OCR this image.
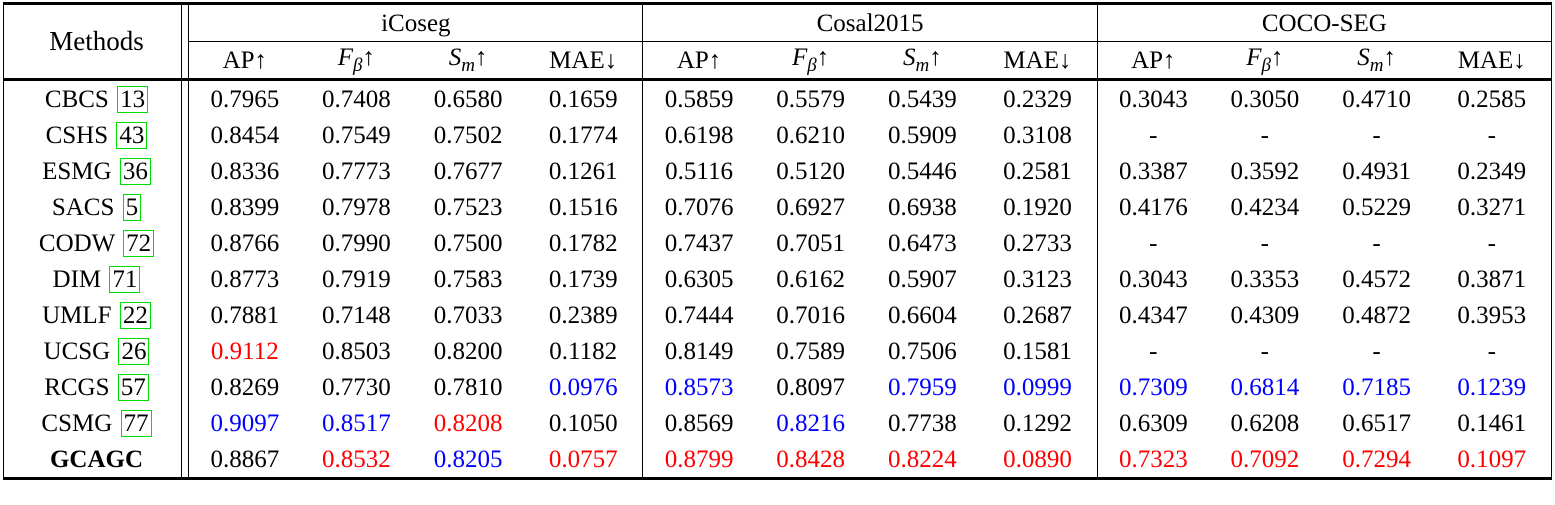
Methods		iCoseg				Cosal2015				COCO-SEG			
		AP↑	$F_\beta↑$	$S_m↑$	MAE↓	AP↑	$F_\beta↑$	$S_m↑$	MAE↓	AP↑	$F_\beta↑$	$S_m↑$	MAE↓
CBCS 13		0.7965	0.7408	0.6580	0.1659	0.5859	0.5579	0.5439	0.2329	0.3043	0.3050	0.4710	0.2585
CSHS 43		0.8454	0.7549	0.7502	0.1774	0.6198	0.6210	0.5909	0.3108	-	-	-	-
ESMG 36		0.8336	0.7773	0.7677	0.1261	0.5116	0.5120	0.5446	0.2581	0.3387	0.3592	0.4931	0.2349
SACS 5		0.8399	0.7978	0.7523	0.1516	0.7076	0.6927	0.6938	0.1920	0.4176	0.4234	0.5229	0.3271
CODW 72		0.8766	0.7990	0.7500	0.1782	0.7437	0.7051	0.6473	0.2733	-	-	-	-
DIM 71		0.8773	0.7919	0.7583	0.1739	0.6305	0.6162	0.5907	0.3123	0.3043	0.3353	0.4572	0.3871
UMLF 22		0.7881	0.7148	0.7033	0.2389	0.7444	0.7016	0.6604	0.2687	0.4347	0.4309	0.4872	0.3953
UCSG 26		0.9112	0.8503	0.8200	0.1182	0.8149	0.7589	0.7506	0.1581	-	-	-	-
RCGS 57		0.8269	0.7730	0.7810	0.0976	0.8573	0.8097	0.7959	0.0999	0.7309	0.6814	0.7185	0.1239
CSMG 77		0.9097	0.8517	0.8208	0.1050	0.8569	0.8216	0.7738	0.1292	0.6309	0.6208	0.6517	0.1461
GCAGC		0.8867	0.8532	0.8205	0.0757	0.8799	0.8428	0.8224	0.0890	0.7323	0.7092	0.7294	0.1097
